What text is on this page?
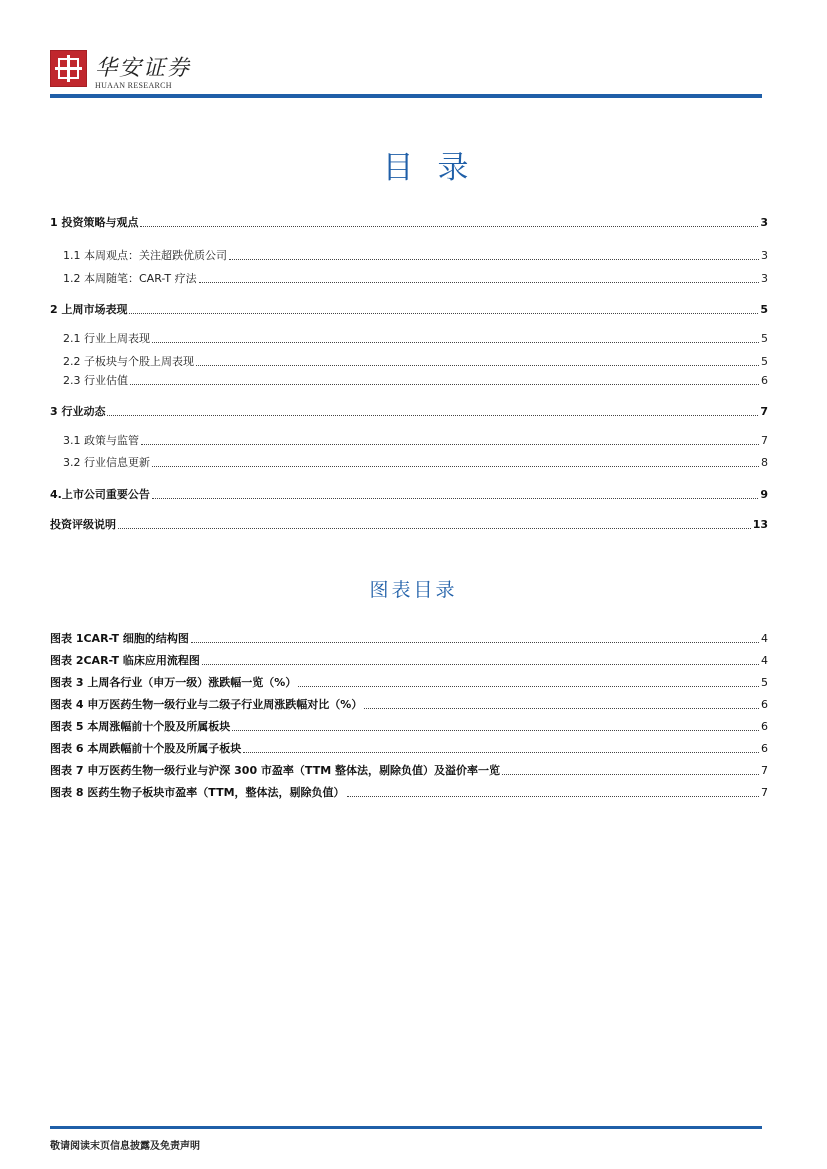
华安证券
HUAAN RESEARCH
目录
1 投资策略与观点	3
1.1 本周观点：关注超跌优质公司	3
1.2 本周随笔：CAR-T 疗法	3
2 上周市场表现	5
2.1 行业上周表现	5
2.2 子板块与个股上周表现	5
2.3 行业估值	6
3 行业动态	7
3.1 政策与监管	7
3.2 行业信息更新	8
4.上市公司重要公告	9
投资评级说明	13
图表目录
图表 1CAR-T 细胞的结构图	4
图表 2CAR-T 临床应用流程图	4
图表 3 上周各行业（申万一级）涨跌幅一览（%）	5
图表 4 申万医药生物一级行业与二级子行业周涨跌幅对比（%）	6
图表 5 本周涨幅前十个股及所属板块	6
图表 6 本周跌幅前十个股及所属子板块	6
图表 7 申万医药生物一级行业与沪深 300 市盈率（TTM 整体法，剔除负值）及溢价率一览	7
图表 8 医药生物子板块市盈率（TTM，整体法，剔除负值）	7
敬请阅读末页信息披露及免责声明
